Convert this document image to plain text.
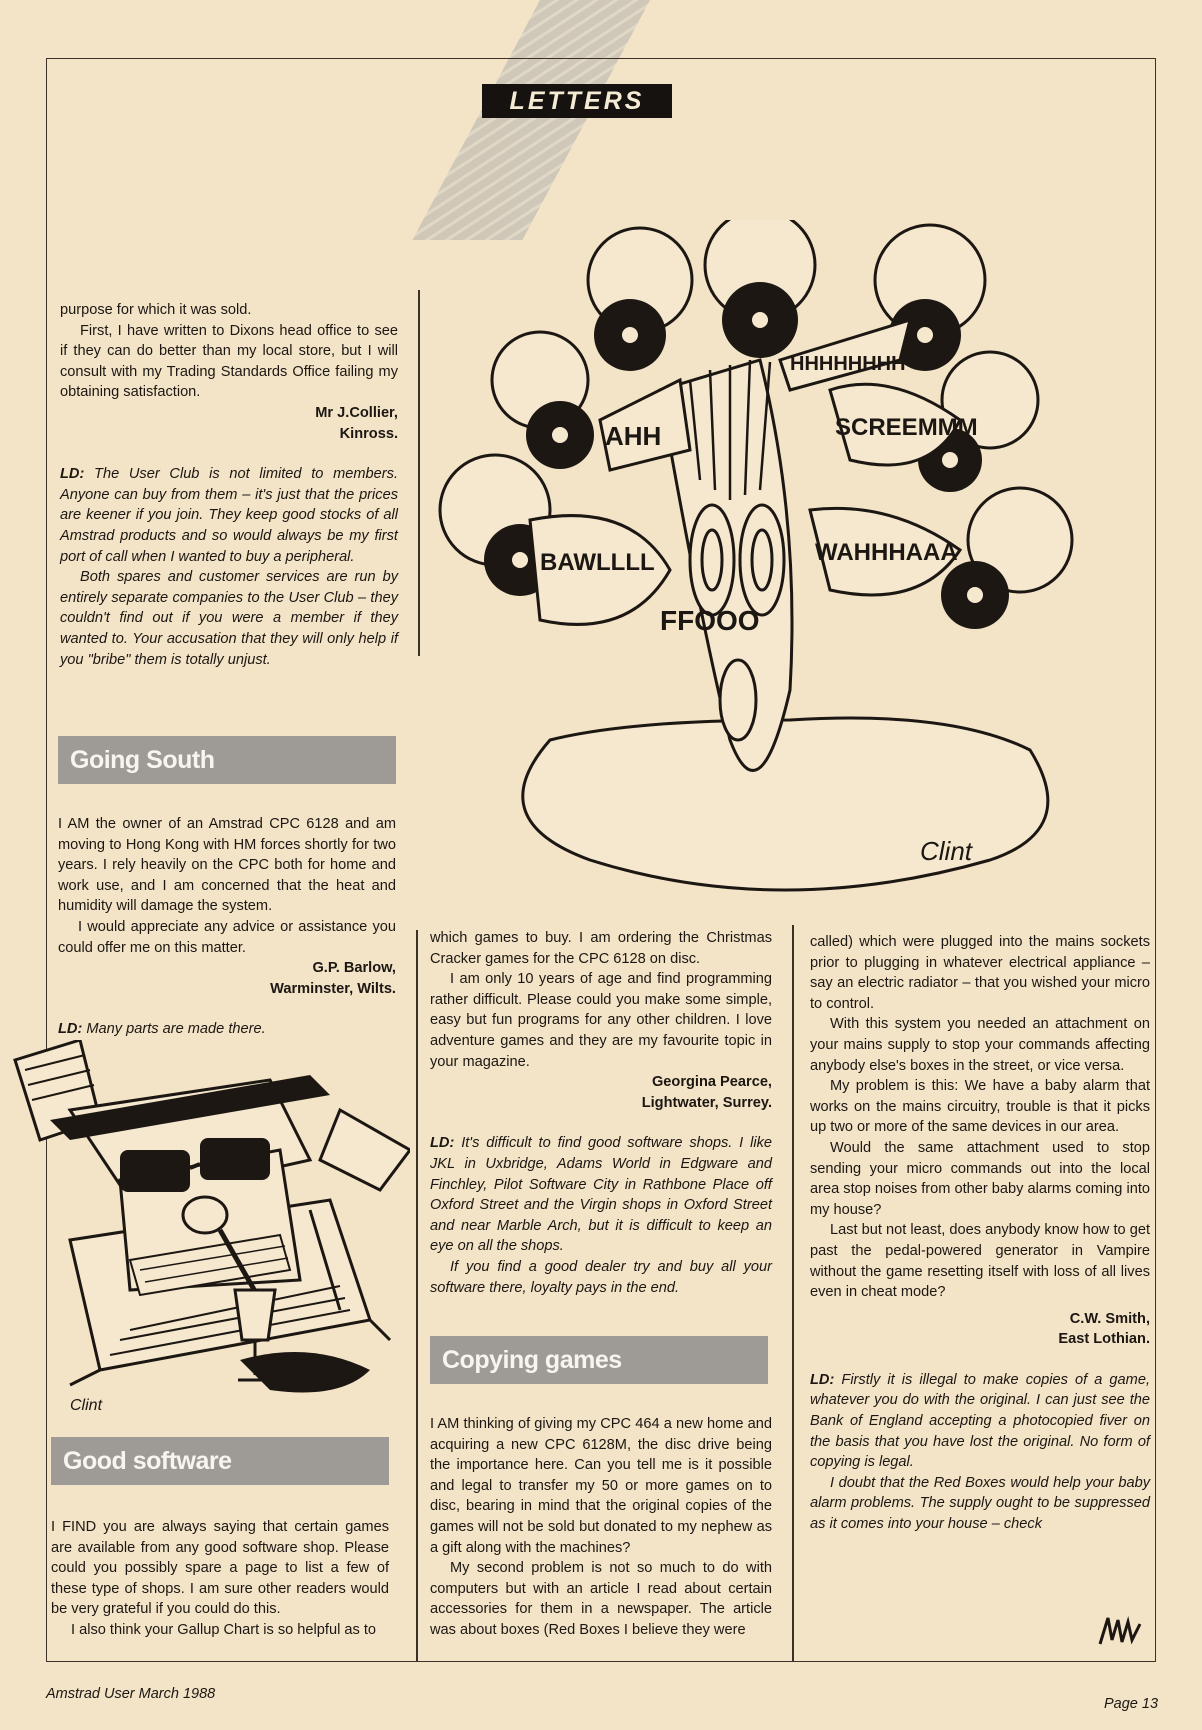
LETTERS

purpose for which it was sold.

First, I have written to Dixons head office to see if they can do better than my local store, but I will consult with my Trading Standards Office failing my obtaining satisfaction.

Mr J.Collier,
Kinross.

LD: The User Club is not limited to members. Anyone can buy from them – it's just that the prices are keener if you join. They keep good stocks of all Amstrad products and so would always be my first port of call when I wanted to buy a peripheral.

Both spares and customer services are run by entirely separate companies to the User Club – they couldn't find out if you were a member if they wanted to. Your accusation that they will only help if you "bribe" them is totally unjust.

Going South

I AM the owner of an Amstrad CPC 6128 and am moving to Hong Kong with HM forces shortly for two years. I rely heavily on the CPC both for home and work use, and I am concerned that the heat and humidity will damage the system.

I would appreciate any advice or assistance you could offer me on this matter.

G.P. Barlow,
Warminster, Wilts.

LD: Many parts are made there.

Clint
Good software

I FIND you are always saying that certain games are available from any good software shop. Please could you possibly spare a page to list a few of these type of shops. I am sure other readers would be very grateful if you could do this.

I also think your Gallup Chart is so helpful as to

AHH
HHHHHHHH
SCREEMMM
BAWLLLL
FFOOO
WAHHHAAA
Clint

which games to buy. I am ordering the Christmas Cracker games for the CPC 6128 on disc.

I am only 10 years of age and find programming rather difficult. Please could you make some simple, easy but fun programs for any other children. I love adventure games and they are my favourite topic in your magazine.

Georgina Pearce,
Lightwater, Surrey.

LD: It's difficult to find good software shops. I like JKL in Uxbridge, Adams World in Edgware and Finchley, Pilot Software City in Rathbone Place off Oxford Street and the Virgin shops in Oxford Street and near Marble Arch, but it is difficult to keep an eye on all the shops.

If you find a good dealer try and buy all your software there, loyalty pays in the end.

Copying games

I AM thinking of giving my CPC 464 a new home and acquiring a new CPC 6128M, the disc drive being the importance here. Can you tell me is it possible and legal to transfer my 50 or more games on to disc, bearing in mind that the original copies of the games will not be sold but donated to my nephew as a gift along with the machines?

My second problem is not so much to do with computers but with an article I read about certain accessories for them in a newspaper. The article was about boxes (Red Boxes I believe they were

called) which were plugged into the mains sockets prior to plugging in whatever electrical appliance – say an electric radiator – that you wished your micro to control.

With this system you needed an attachment on your mains supply to stop your commands affecting anybody else's boxes in the street, or vice versa.

My problem is this: We have a baby alarm that works on the mains circuitry, trouble is that it picks up two or more of the same devices in our area.

Would the same attachment used to stop sending your micro commands out into the local area stop noises from other baby alarms coming into my house?

Last but not least, does anybody know how to get past the pedal-powered generator in Vampire without the game resetting itself with loss of all lives even in cheat mode?

C.W. Smith,
East Lothian.

LD: Firstly it is illegal to make copies of a game, whatever you do with the original. I can just see the Bank of England accepting a photocopied fiver on the basis that you have lost the original. No form of copying is legal.

I doubt that the Red Boxes would help your baby alarm problems. The supply ought to be suppressed as it comes into your house – check

Amstrad User March 1988
Page 13
